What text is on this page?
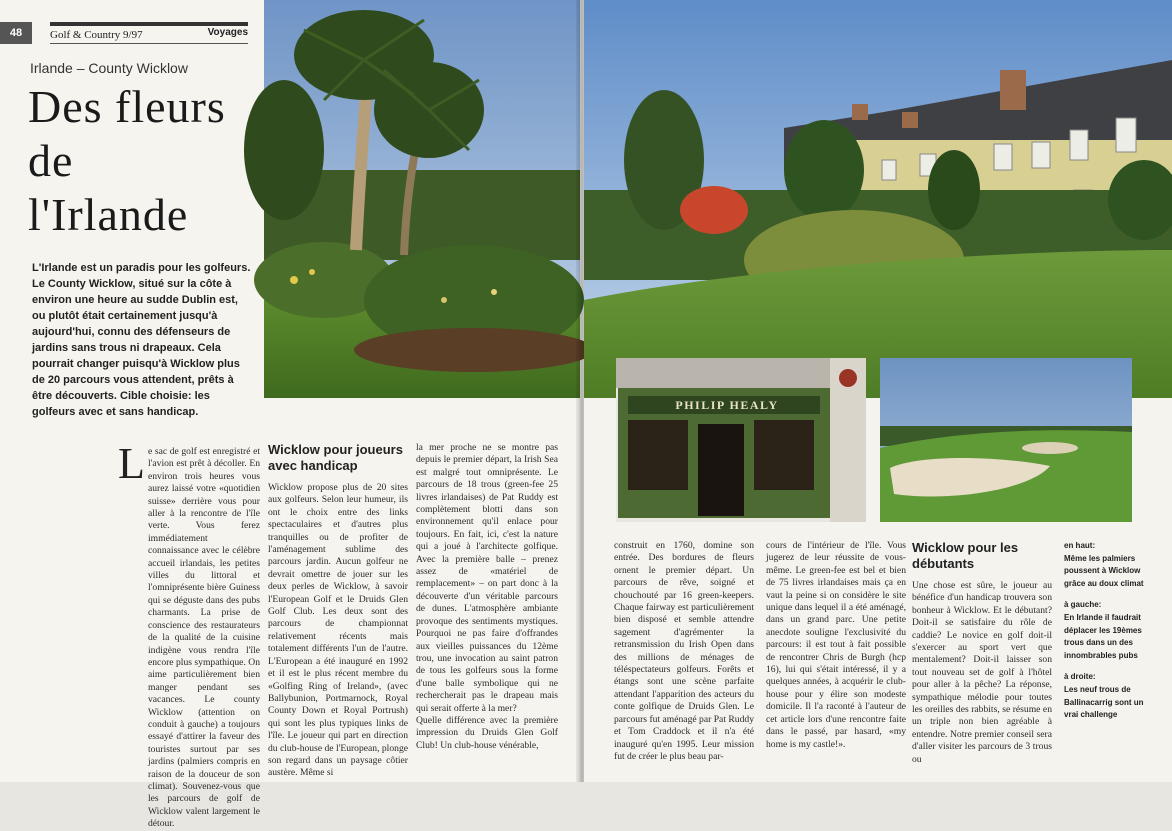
48	Golf & Country 9/97	Voyages
Irlande – County Wicklow
Des fleurs
de
l'Irlande

L'Irlande est un paradis pour les golfeurs. Le County Wicklow, situé sur la côte à environ une heure au sudde Dublin est, ou plutôt était certainement jusqu'à aujourd'hui, connu des défenseurs de jardins sans trous ni drapeaux. Cela pourrait changer puisqu'à Wicklow plus de 20 parcours vous attendent, prêts à être découverts. Cible choisie: les golfeurs avec et sans handicap.

L e sac de golf est enregistré et l'avion est prêt à décoller. En environ trois heures vous aurez laissé votre «quotidien suisse» derrière vous pour aller à la rencontre de l'île verte. Vous ferez immédiatement connaissance avec le célèbre accueil irlandais, les petites villes du littoral et l'omniprésente bière Guiness qui se déguste dans des pubs charmants. La prise de conscience des restaurateurs de la qualité de la cuisine indigène vous rendra l'île encore plus sympathique. On aime particulièrement bien manger pendant ses vacances. Le county Wicklow (attention on conduit à gauche) a toujours essayé d'attirer la faveur des touristes surtout par ses jardins (palmiers compris en raison de la douceur de son climat). Souvenez-vous que les parcours de golf de Wicklow valent largement le détour.
Wicklow pour joueurs avec handicap

Wicklow propose plus de 20 sites aux golfeurs. Selon leur humeur, ils ont le choix entre des links spectaculaires et d'autres plus tranquilles ou de profiter de l'aménagement sublime des parcours jardin. Aucun golfeur ne devrait omettre de jouer sur les deux perles de Wicklow, à savoir l'European Golf et le Druids Glen Golf Club. Les deux sont des parcours de championnat relativement récents mais totalement différents l'un de l'autre. L'European a été inauguré en 1992 et il est le plus récent membre du «Golfing Ring of Ireland», (avec Ballybunion, Portmarnock, Royal County Down et Royal Portrush) qui sont les plus typiques links de l'île. Le joueur qui part en direction du club-house de l'European, plonge son regard dans un paysage côtier austère. Même si

la mer proche ne se montre pas depuis le premier départ, la Irish Sea est malgré tout omniprésente. Le parcours de 18 trous (green-fee 25 livres irlandaises) de Pat Ruddy est complètement blotti dans son environnement qu'il enlace pour toujours. En fait, ici, c'est la nature qui a joué à l'architecte golfique. Avec la première balle – prenez assez de «matériel de remplacement» – on part donc à la découverte d'un véritable parcours de dunes. L'atmosphère ambiante provoque des sentiments mystiques. Pourquoi ne pas faire d'offrandes aux vieilles puissances du 12ème trou, une invocation au saint patron de tous les golfeurs sous la forme d'une balle symbolique qui ne rechercherait pas le drapeau mais qui serait offerte à la mer?
Quelle différence avec la première impression du Druids Glen Golf Club! Un club-house vénérable,

PHILIP HEALY

construit en 1760, domine son entrée. Des bordures de fleurs ornent le premier départ. Un parcours de rêve, soigné et chouchouté par 16 green-keepers. Chaque fairway est particulièrement bien disposé et semble attendre sagement d'agrémenter la retransmission du Irish Open dans des millions de ménages de téléspectateurs golfeurs. Forêts et étangs sont une scène parfaite attendant l'apparition des acteurs du conte golfique de Druids Glen. Le parcours fut aménagé par Pat Ruddy et Tom Craddock et il n'a été inauguré qu'en 1995. Leur mission fut de créer le plus beau par-

cours de l'intérieur de l'île. Vous jugerez de leur réussite de vous-même. Le green-fee est bel et bien de 75 livres irlandaises mais ça en vaut la peine si on considère le site unique dans lequel il a été aménagé, dans un grand parc. Une petite anecdote souligne l'exclusivité du parcours: il est tout à fait possible de rencontrer Chris de Burgh (hcp 16), lui qui s'était intéressé, il y a quelques années, à acquérir le club-house pour y élire son modeste domicile. Il l'a raconté à l'auteur de cet article lors d'une rencontre faite dans le passé, par hasard, «my home is my castle!».

Wicklow pour les débutants

Une chose est sûre, le joueur au bénéfice d'un handicap trouvera son bonheur à Wicklow. Et le débutant? Doit-il se satisfaire du rôle de caddie? Le novice en golf doit-il s'exercer au sport vert que mentalement? Doit-il laisser son tout nouveau set de golf à l'hôtel pour aller à la pêche? La réponse, sympathique mélodie pour toutes les oreilles des rabbits, se résume en un triple non bien agréable à entendre. Notre premier conseil sera d'aller visiter les parcours de 3 trous ou

en haut:
Même les palmiers poussent à Wicklow grâce au doux climat

à gauche:
En Irlande il faudrait déplacer les 19èmes trous dans un des innombrables pubs

à droite:
Les neuf trous de Ballinacarrig sont un vrai challenge
